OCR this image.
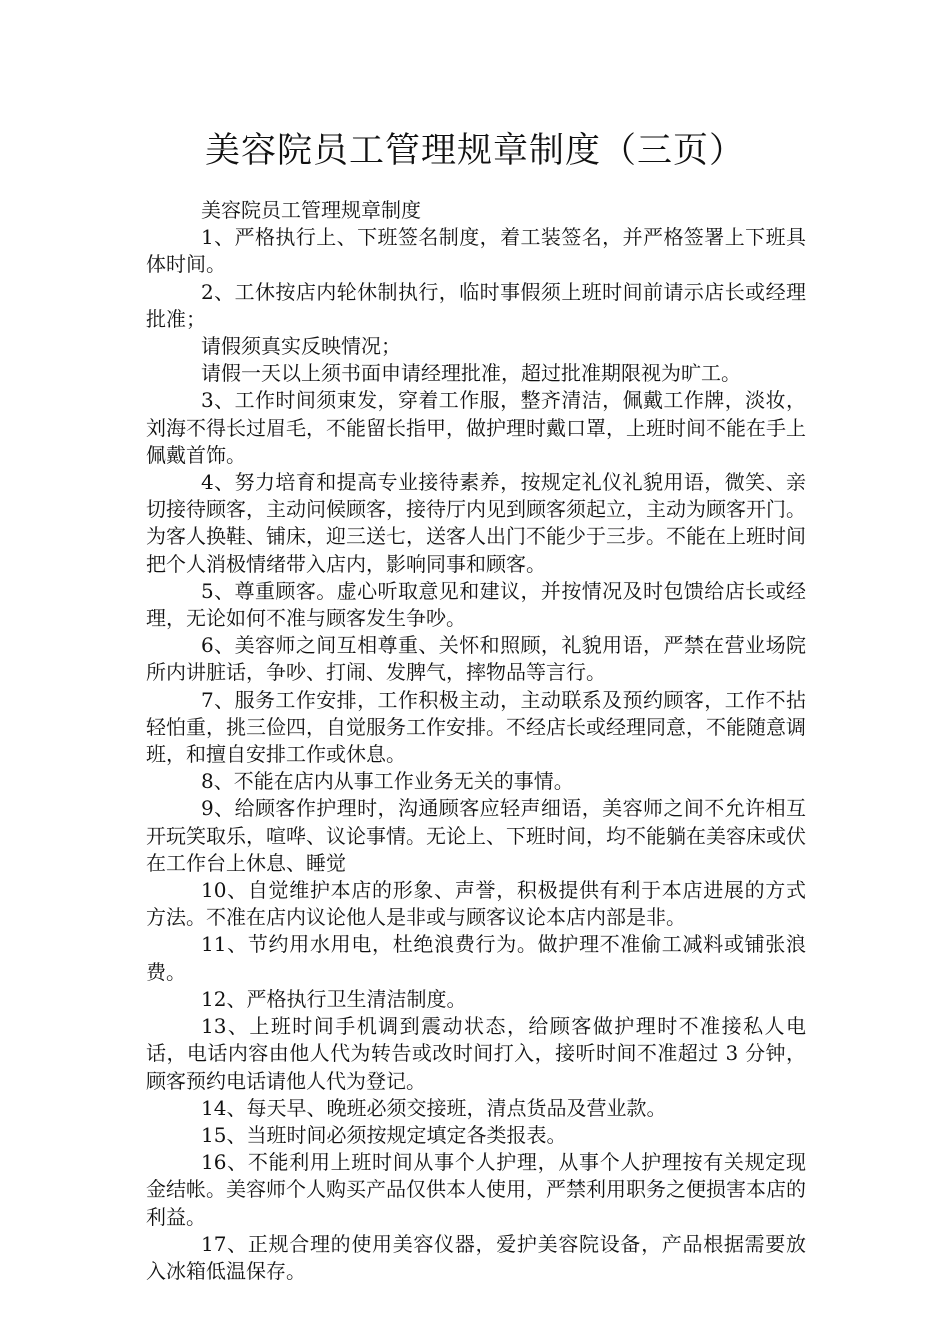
美容院员工管理规章制度（三页）

美容院员工管理规章制度

1、严格执行上、下班签名制度，着工装签名，并严格签署上下班具体时间。

2、工休按店内轮休制执行，临时事假须上班时间前请示店长或经理批准；

请假须真实反映情况；

请假一天以上须书面申请经理批准，超过批准期限视为旷工。

3、工作时间须束发，穿着工作服，整齐清洁，佩戴工作牌，淡妆，刘海不得长过眉毛，不能留长指甲，做护理时戴口罩，上班时间不能在手上佩戴首饰。

4、努力培育和提高专业接待素养，按规定礼仪礼貌用语，微笑、亲切接待顾客，主动问候顾客，接待厅内见到顾客须起立，主动为顾客开门。为客人换鞋、铺床，迎三送七，送客人出门不能少于三步。不能在上班时间把个人消极情绪带入店内，影响同事和顾客。

5、尊重顾客。虚心听取意见和建议，并按情况及时包馈给店长或经理，无论如何不准与顾客发生争吵。

6、美容师之间互相尊重、关怀和照顾，礼貌用语，严禁在营业场院所内讲脏话，争吵、打闹、发脾气，摔物品等言行。

7、服务工作安排，工作积极主动，主动联系及预约顾客，工作不拈轻怕重，挑三俭四，自觉服务工作安排。不经店长或经理同意，不能随意调班，和擅自安排工作或休息。

8、不能在店内从事工作业务无关的事情。

9、给顾客作护理时，沟通顾客应轻声细语，美容师之间不允许相互开玩笑取乐，喧哗、议论事情。无论上、下班时间，均不能躺在美容床或伏在工作台上休息、睡觉

10、自觉维护本店的形象、声誉，积极提供有利于本店进展的方式方法。不准在店内议论他人是非或与顾客议论本店内部是非。

11、节约用水用电，杜绝浪费行为。做护理不准偷工减料或铺张浪费。

12、严格执行卫生清洁制度。

13、上班时间手机调到震动状态，给顾客做护理时不准接私人电话，电话内容由他人代为转告或改时间打入，接听时间不准超过 3 分钟，顾客预约电话请他人代为登记。

14、每天早、晚班必须交接班，清点货品及营业款。

15、当班时间必须按规定填定各类报表。

16、不能利用上班时间从事个人护理，从事个人护理按有关规定现金结帐。美容师个人购买产品仅供本人使用，严禁利用职务之便损害本店的利益。

17、正规合理的使用美容仪器，爱护美容院设备，产品根据需要放入冰箱低温保存。
